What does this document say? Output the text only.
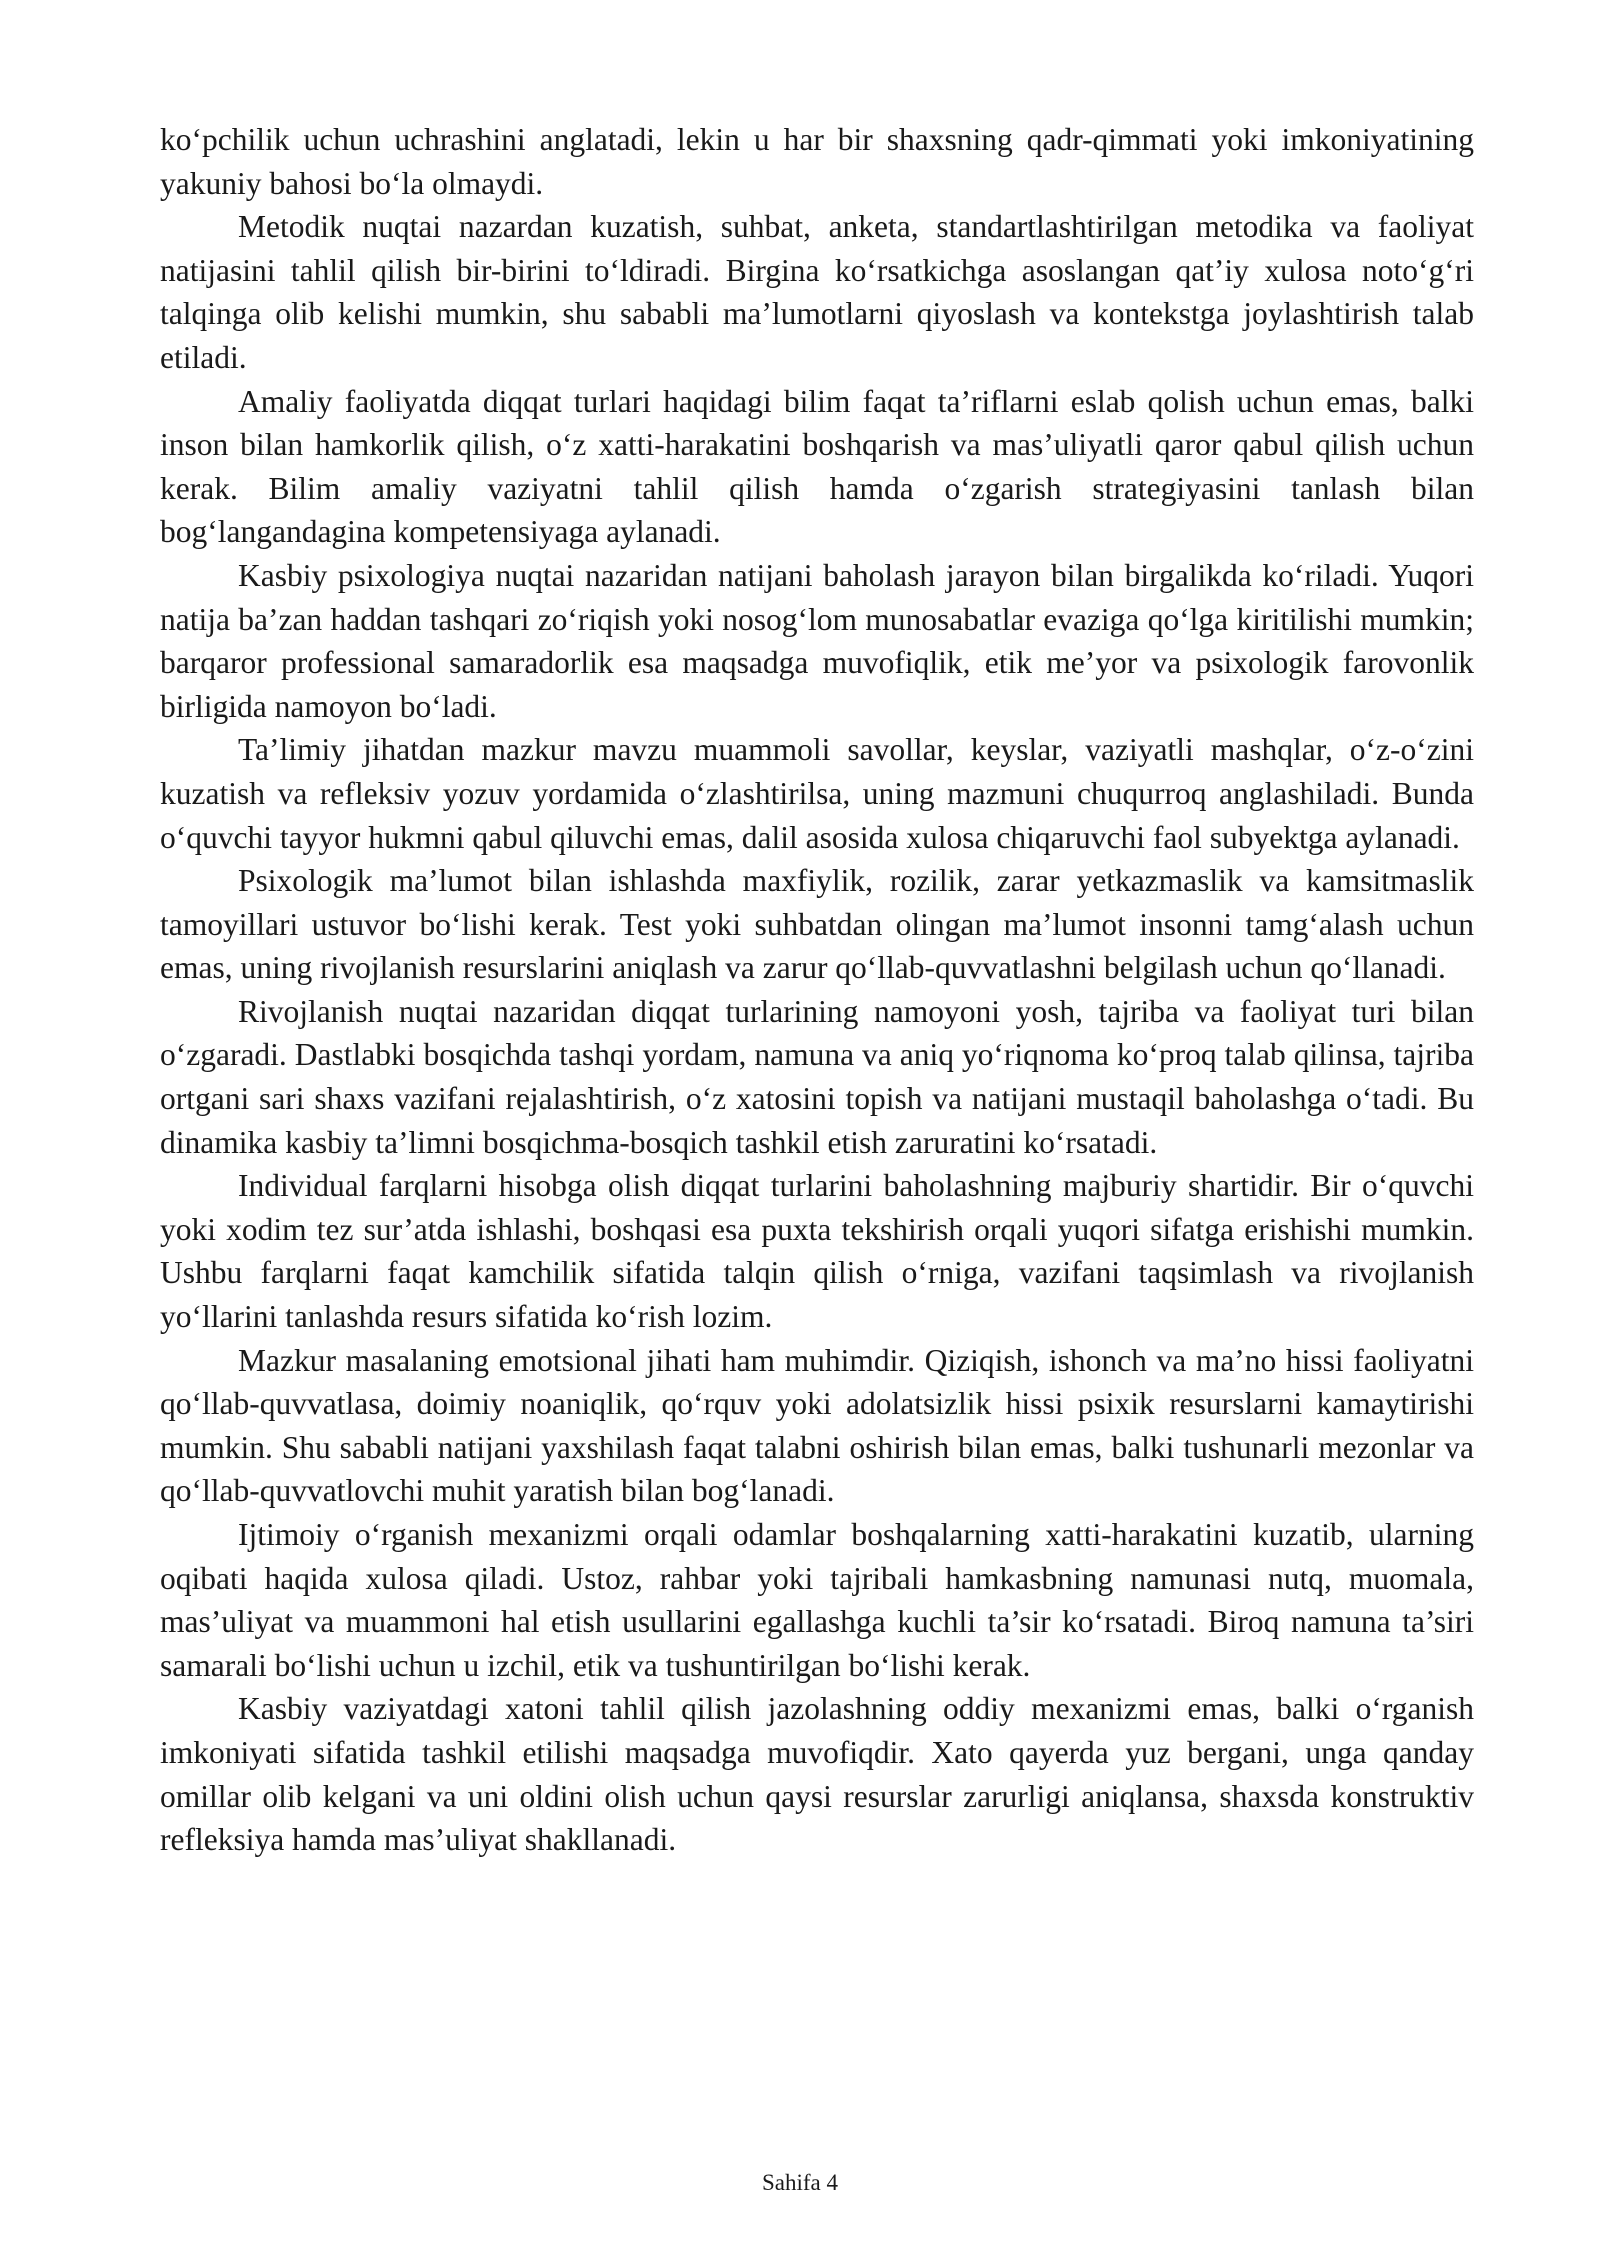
ko‘pchilik uchun uchrashini anglatadi, lekin u har bir shaxsning qadr-qimmati yoki imkoniyatining yakuniy bahosi bo‘la olmaydi.

Metodik nuqtai nazardan kuzatish, suhbat, anketa, standartlashtirilgan metodika va faoliyat natijasini tahlil qilish bir-birini to‘ldiradi. Birgina ko‘rsatkichga asoslangan qat’iy xulosa noto‘g‘ri talqinga olib kelishi mumkin, shu sababli ma’lumotlarni qiyoslash va kontekstga joylashtirish talab etiladi.

Amaliy faoliyatda diqqat turlari haqidagi bilim faqat ta’riflarni eslab qolish uchun emas, balki inson bilan hamkorlik qilish, o‘z xatti-harakatini boshqarish va mas’uliyatli qaror qabul qilish uchun kerak. Bilim amaliy vaziyatni tahlil qilish hamda o‘zgarish strategiyasini tanlash bilan bog‘langandagina kompetensiyaga aylanadi.

Kasbiy psixologiya nuqtai nazaridan natijani baholash jarayon bilan birgalikda ko‘riladi. Yuqori natija ba’zan haddan tashqari zo‘riqish yoki nosog‘lom munosabatlar evaziga qo‘lga kiritilishi mumkin; barqaror professional samaradorlik esa maqsadga muvofiqlik, etik me’yor va psixologik farovonlik birligida namoyon bo‘ladi.

Ta’limiy jihatdan mazkur mavzu muammoli savollar, keyslar, vaziyatli mashqlar, o‘z-o‘zini kuzatish va refleksiv yozuv yordamida o‘zlashtirilsa, uning mazmuni chuqurroq anglashiladi. Bunda o‘quvchi tayyor hukmni qabul qiluvchi emas, dalil asosida xulosa chiqaruvchi faol subyektga aylanadi.

Psixologik ma’lumot bilan ishlashda maxfiylik, rozilik, zarar yetkazmaslik va kamsitmaslik tamoyillari ustuvor bo‘lishi kerak. Test yoki suhbatdan olingan ma’lumot insonni tamg‘alash uchun emas, uning rivojlanish resurslarini aniqlash va zarur qo‘llab-quvvatlashni belgilash uchun qo‘llanadi.

Rivojlanish nuqtai nazaridan diqqat turlarining namoyoni yosh, tajriba va faoliyat turi bilan o‘zgaradi. Dastlabki bosqichda tashqi yordam, namuna va aniq yo‘riqnoma ko‘proq talab qilinsa, tajriba ortgani sari shaxs vazifani rejalashtirish, o‘z xatosini topish va natijani mustaqil baholashga o‘tadi. Bu dinamika kasbiy ta’limni bosqichma-bosqich tashkil etish zaruratini ko‘rsatadi.

Individual farqlarni hisobga olish diqqat turlarini baholashning majburiy shartidir. Bir o‘quvchi yoki xodim tez sur’atda ishlashi, boshqasi esa puxta tekshirish orqali yuqori sifatga erishishi mumkin. Ushbu farqlarni faqat kamchilik sifatida talqin qilish o‘rniga, vazifani taqsimlash va rivojlanish yo‘llarini tanlashda resurs sifatida ko‘rish lozim.

Mazkur masalaning emotsional jihati ham muhimdir. Qiziqish, ishonch va ma’no hissi faoliyatni qo‘llab-quvvatlasa, doimiy noaniqlik, qo‘rquv yoki adolatsizlik hissi psixik resurslarni kamaytirishi mumkin. Shu sababli natijani yaxshilash faqat talabni oshirish bilan emas, balki tushunarli mezonlar va qo‘llab-quvvatlovchi muhit yaratish bilan bog‘lanadi.

Ijtimoiy o‘rganish mexanizmi orqali odamlar boshqalarning xatti-harakatini kuzatib, ularning oqibati haqida xulosa qiladi. Ustoz, rahbar yoki tajribali hamkasbning namunasi nutq, muomala, mas’uliyat va muammoni hal etish usullarini egallashga kuchli ta’sir ko‘rsatadi. Biroq namuna ta’siri samarali bo‘lishi uchun u izchil, etik va tushuntirilgan bo‘lishi kerak.

Kasbiy vaziyatdagi xatoni tahlil qilish jazolashning oddiy mexanizmi emas, balki o‘rganish imkoniyati sifatida tashkil etilishi maqsadga muvofiqdir. Xato qayerda yuz bergani, unga qanday omillar olib kelgani va uni oldini olish uchun qaysi resurslar zarurligi aniqlansa, shaxsda konstruktiv refleksiya hamda mas’uliyat shakllanadi.

Sahifa 4
